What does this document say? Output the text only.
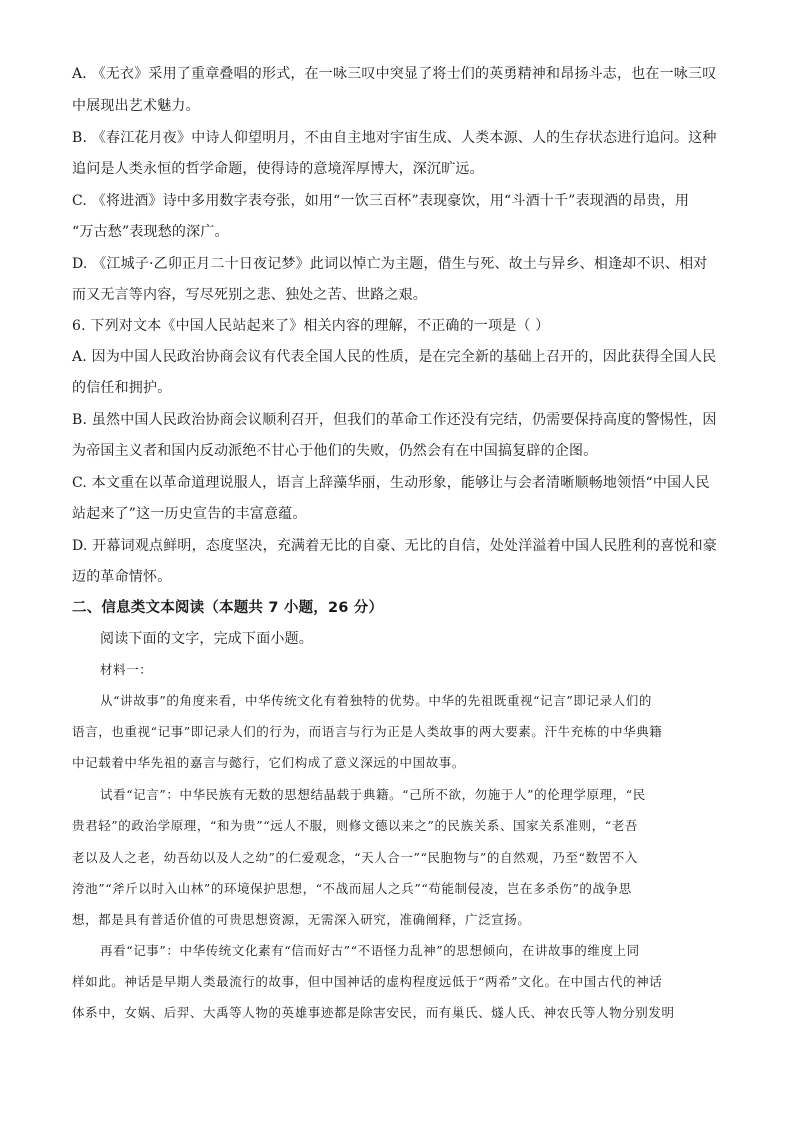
A. 《无衣》采用了重章叠唱的形式，在一咏三叹中突显了将士们的英勇精神和昂扬斗志，也在一咏三叹
中展现出艺术魅力。
B. 《春江花月夜》中诗人仰望明月，不由自主地对宇宙生成、人类本源、人的生存状态进行追问。这种
追问是人类永恒的哲学命题，使得诗的意境浑厚博大，深沉旷远。
C. 《将进酒》诗中多用数字表夸张，如用“一饮三百杯”表现豪饮，用“斗酒十千”表现酒的昂贵，用
“万古愁”表现愁的深广。
D. 《江城子·乙卯正月二十日夜记梦》此词以悼亡为主题，借生与死、故土与异乡、相逢却不识、相对
而又无言等内容，写尽死别之悲、独处之苦、世路之艰。
6. 下列对文本《中国人民站起来了》相关内容的理解，不正确的一项是（ ）
A. 因为中国人民政治协商会议有代表全国人民的性质，是在完全新的基础上召开的，因此获得全国人民
的信任和拥护。
B. 虽然中国人民政治协商会议顺利召开，但我们的革命工作还没有完结，仍需要保持高度的警惕性，因
为帝国主义者和国内反动派绝不甘心于他们的失败，仍然会有在中国搞复辟的企图。
C. 本文重在以革命道理说服人，语言上辞藻华丽，生动形象，能够让与会者清晰顺畅地领悟“中国人民
站起来了”这一历史宣告的丰富意蕴。
D. 开幕词观点鲜明，态度坚决，充满着无比的自豪、无比的自信，处处洋溢着中国人民胜利的喜悦和豪
迈的革命情怀。
二、信息类文本阅读（本题共 7 小题，26 分）
阅读下面的文字，完成下面小题。
材料一：
从“讲故事”的角度来看，中华传统文化有着独特的优势。中华的先祖既重视“记言”即记录人们的
语言，也重视“记事”即记录人们的行为，而语言与行为正是人类故事的两大要素。汗牛充栋的中华典籍
中记载着中华先祖的嘉言与懿行，它们构成了意义深远的中国故事。
试看“记言”：中华民族有无数的思想结晶载于典籍。“己所不欲，勿施于人”的伦理学原理，“民
贵君轻”的政治学原理，“和为贵”“远人不服，则修文德以来之”的民族关系、国家关系准则，“老吾
老以及人之老，幼吾幼以及人之幼”的仁爱观念，“天人合一”“民胞物与”的自然观，乃至“数罟不入
洿池”“斧斤以时入山林”的环境保护思想，“不战而屈人之兵”“苟能制侵凌，岂在多杀伤”的战争思
想，都是具有普适价值的可贵思想资源，无需深入研究，准确阐释，广泛宣扬。
再看“记事”：中华传统文化素有“信而好古”“不语怪力乱神”的思想倾向，在讲故事的维度上同
样如此。神话是早期人类最流行的故事，但中国神话的虚构程度远低于“两希”文化。在中国古代的神话
体系中，女娲、后羿、大禹等人物的英雄事迹都是除害安民，而有巢氏、燧人氏、神农氏等人物分别发明
